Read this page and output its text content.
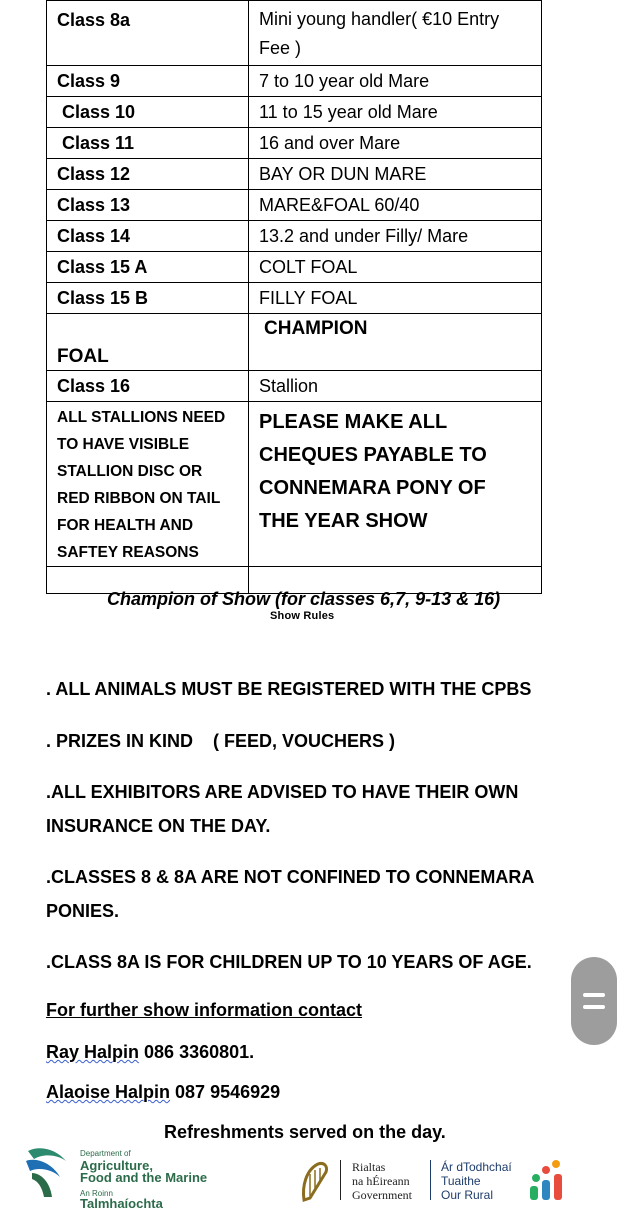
Class 8a	Mini young handler( €10 Entry Fee )
Class 9	7 to 10 year old Mare
Class 10	11 to 15 year old Mare
Class 11	16 and over Mare
Class 12	BAY OR DUN MARE
Class 13	MARE&FOAL 60/40
Class 14	13.2 and under Filly/ Mare
Class 15 A	COLT FOAL
Class 15 B	FILLY FOAL
FOAL	CHAMPION
Class 16	Stallion
ALL STALLIONS NEED TO HAVE VISIBLE STALLION DISC OR RED RIBBON ON TAIL FOR HEALTH AND SAFTEY REASONS	PLEASE MAKE ALL CHEQUES PAYABLE TO CONNEMARA PONY OF THE YEAR SHOW

Champion of Show (for classes 6,7, 9-13 & 16)
Show Rules
. ALL ANIMALS MUST BE REGISTERED WITH THE CPBS
. PRIZES IN KIND    ( FEED, VOUCHERS )
.ALL EXHIBITORS ARE ADVISED TO HAVE THEIR OWN INSURANCE ON THE DAY.
.CLASSES 8 & 8A ARE NOT CONFINED TO CONNEMARA PONIES.
.CLASS 8A IS FOR CHILDREN UP TO 10 YEARS OF AGE.
For further show information contact
Ray Halpin 086 3360801.
Alaoise Halpin 087 9546929
Refreshments served on the day.
Department of
Agriculture,
Food and the Marine
An Roinn
Talmhaíochta
Rialtas
na hÉireann
Government
Ár dTodhchaí
Tuaithe
Our Rural
